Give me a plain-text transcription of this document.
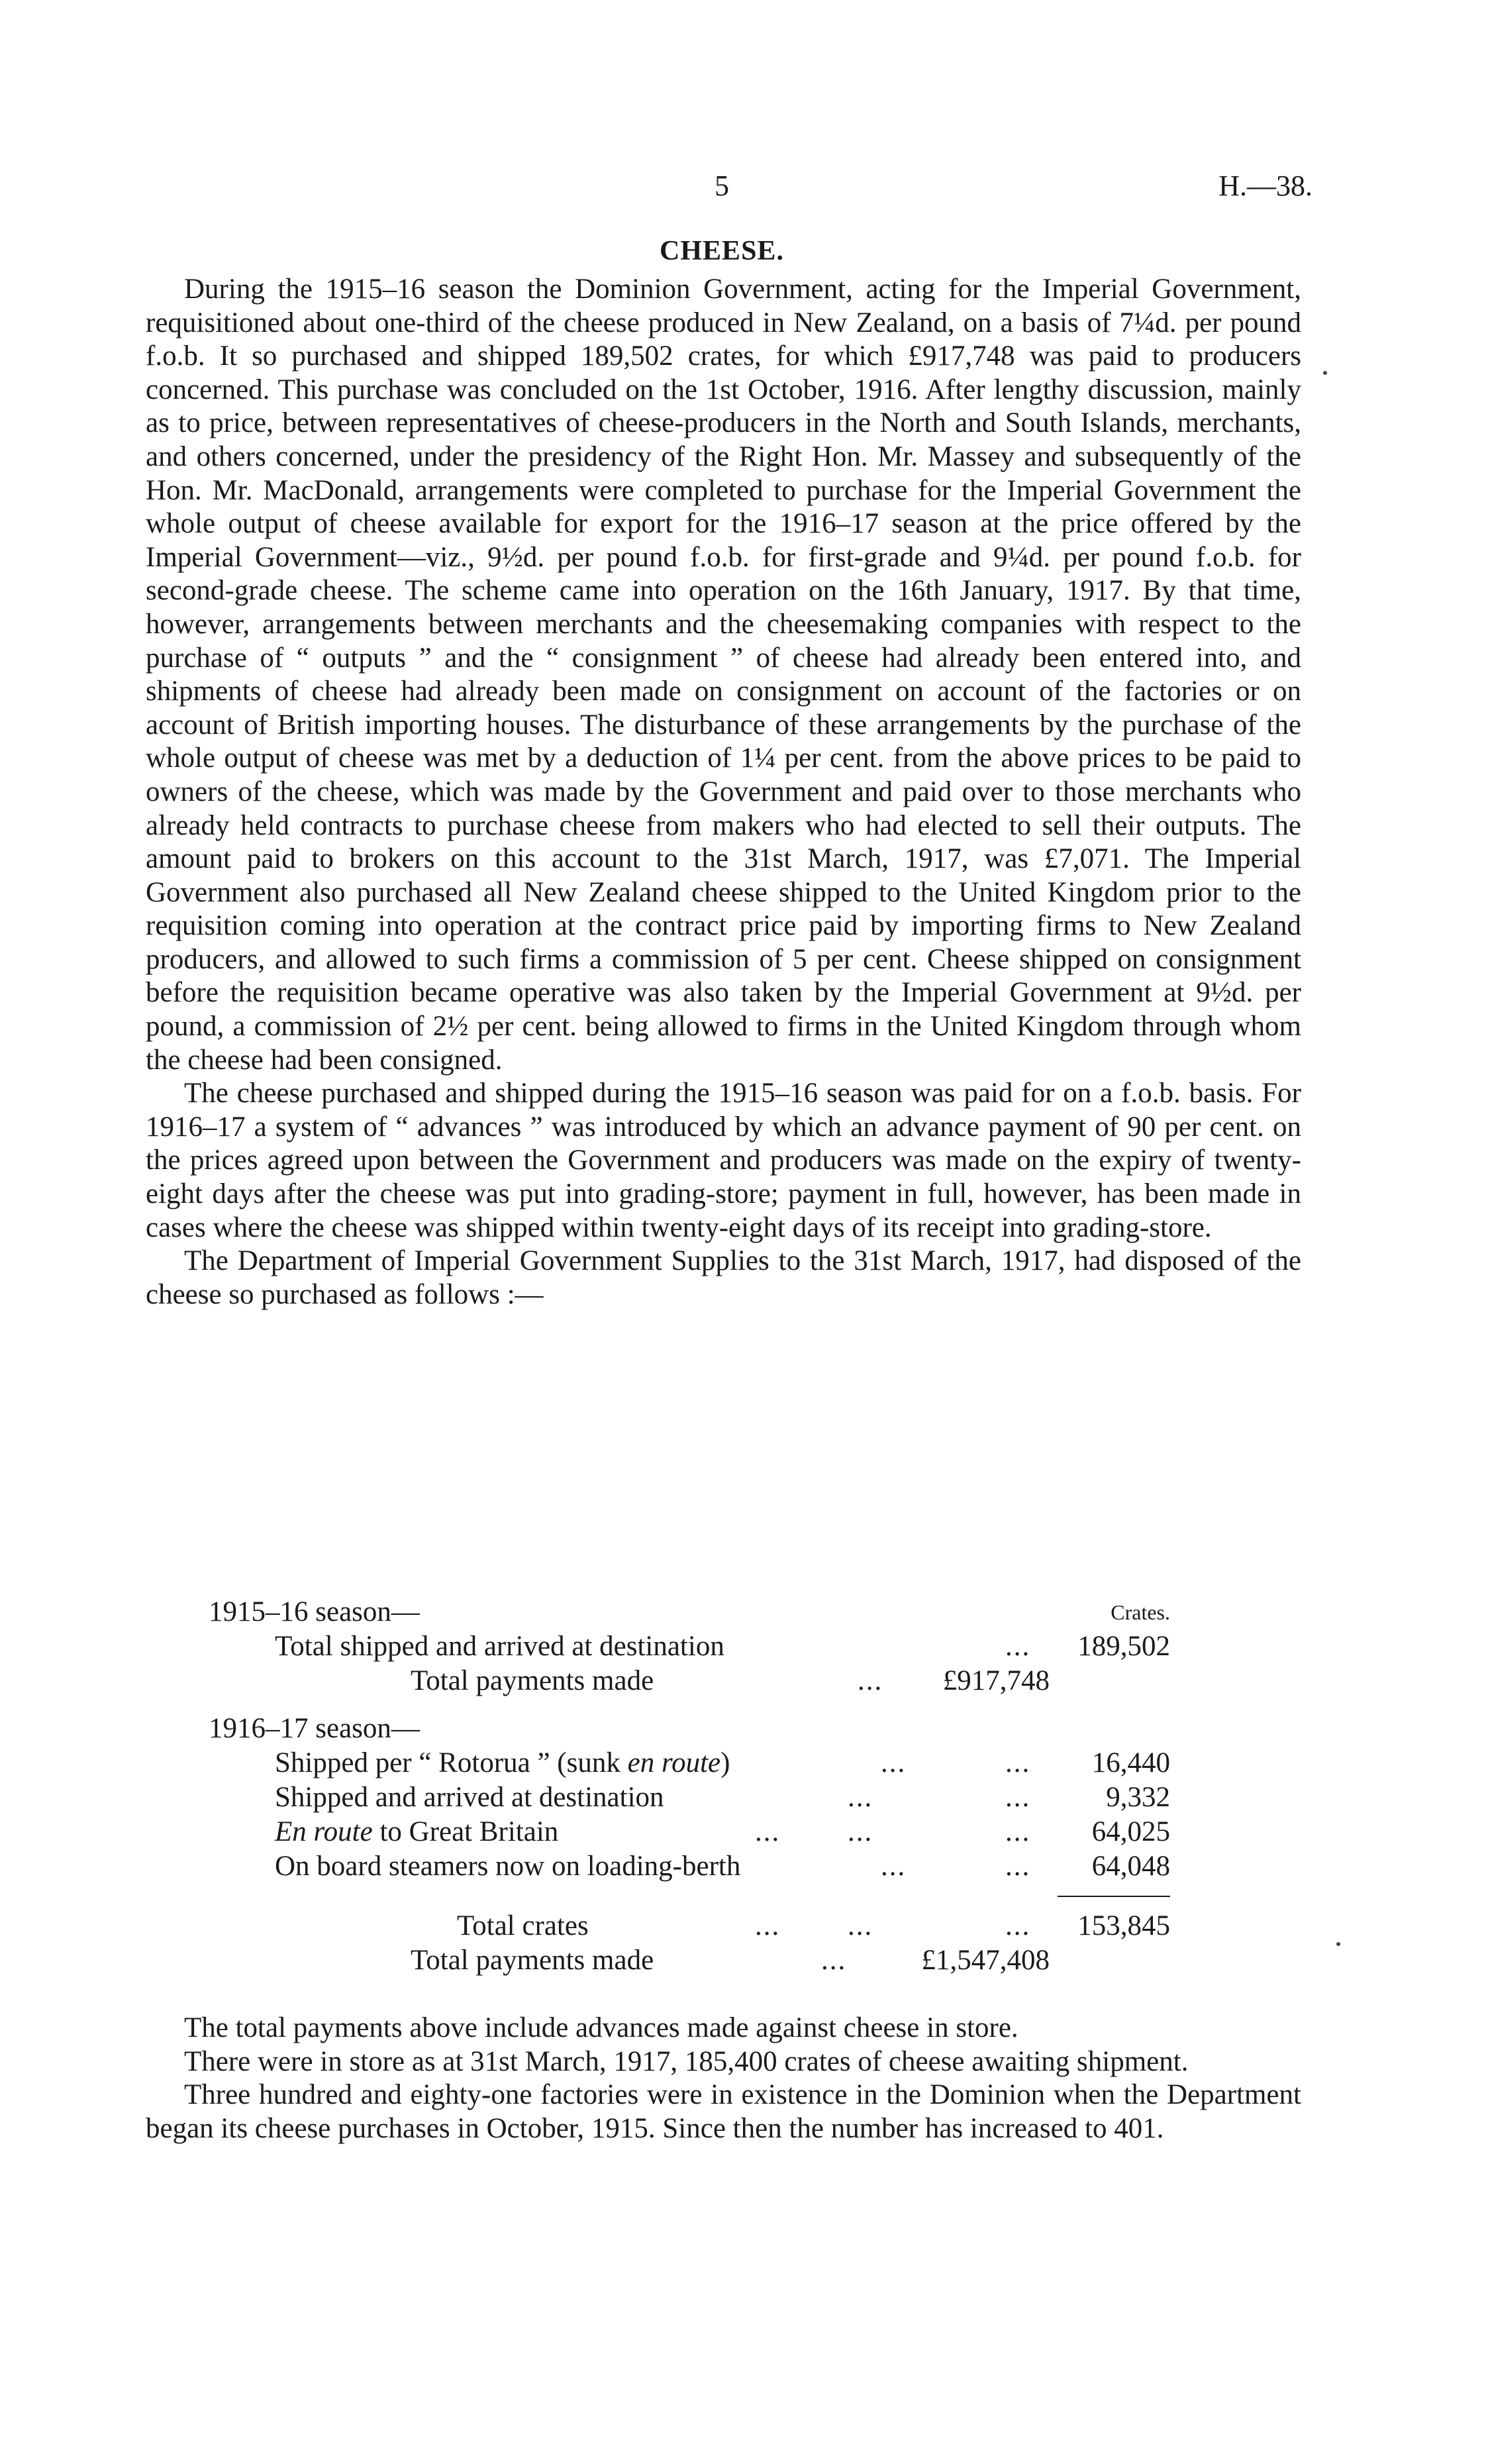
5	H.—38.
CHEESE.

During the 1915–16 season the Dominion Government, acting for the Imperial Government, requisitioned about one-third of the cheese produced in New Zealand, on a basis of 7¼d. per pound f.o.b. It so purchased and shipped 189,502 crates, for which £917,748 was paid to producers concerned. This purchase was concluded on the 1st October, 1916. After lengthy discussion, mainly as to price, between representatives of cheese-producers in the North and South Islands, merchants, and others concerned, under the presidency of the Right Hon. Mr. Massey and subsequently of the Hon. Mr. MacDonald, arrangements were completed to purchase for the Imperial Government the whole output of cheese available for export for the 1916–17 season at the price offered by the Imperial Government—viz., 9½d. per pound f.o.b. for first-grade and 9¼d. per pound f.o.b. for second-grade cheese. The scheme came into operation on the 16th January, 1917. By that time, however, arrangements between merchants and the cheesemaking companies with respect to the purchase of “ outputs ” and the “ consignment ” of cheese had already been entered into, and shipments of cheese had already been made on consignment on account of the factories or on account of British importing houses. The disturbance of these arrangements by the purchase of the whole output of cheese was met by a deduction of 1¼ per cent. from the above prices to be paid to owners of the cheese, which was made by the Government and paid over to those merchants who already held contracts to purchase cheese from makers who had elected to sell their outputs. The amount paid to brokers on this account to the 31st March, 1917, was £7,071. The Imperial Government also purchased all New Zealand cheese shipped to the United Kingdom prior to the requisition coming into operation at the contract price paid by importing firms to New Zealand producers, and allowed to such firms a commission of 5 per cent. Cheese shipped on consignment before the requisition became operative was also taken by the Imperial Government at 9½d. per pound, a commission of 2½ per cent. being allowed to firms in the United Kingdom through whom the cheese had been consigned.

The cheese purchased and shipped during the 1915–16 season was paid for on a f.o.b. basis. For 1916–17 a system of “ advances ” was introduced by which an advance payment of 90 per cent. on the prices agreed upon between the Government and producers was made on the expiry of twenty-eight days after the cheese was put into grading-store; payment in full, however, has been made in cases where the cheese was shipped within twenty-eight days of its receipt into grading-store.

The Department of Imperial Government Supplies to the 31st March, 1917, had disposed of the cheese so purchased as follows :—

1915–16 season—	Crates.
Total shipped and arrived at destination	... 189,502
Total payments made	... £917,748
1916–17 season—
Shipped per “ Rotorua ” (sunk en route)	...	... 16,440
Shipped and arrived at destination	...	...	9,332
En route to Great Britain	... ...	... 64,025
On board steamers now on loading-berth	...	... 64,048
Total crates	... ...	... 153,845
Total payments made	...	£1,547,408

The total payments above include advances made against cheese in store.

There were in store as at 31st March, 1917, 185,400 crates of cheese awaiting shipment.

Three hundred and eighty-one factories were in existence in the Dominion when the Department began its cheese purchases in October, 1915. Since then the number has increased to 401.
